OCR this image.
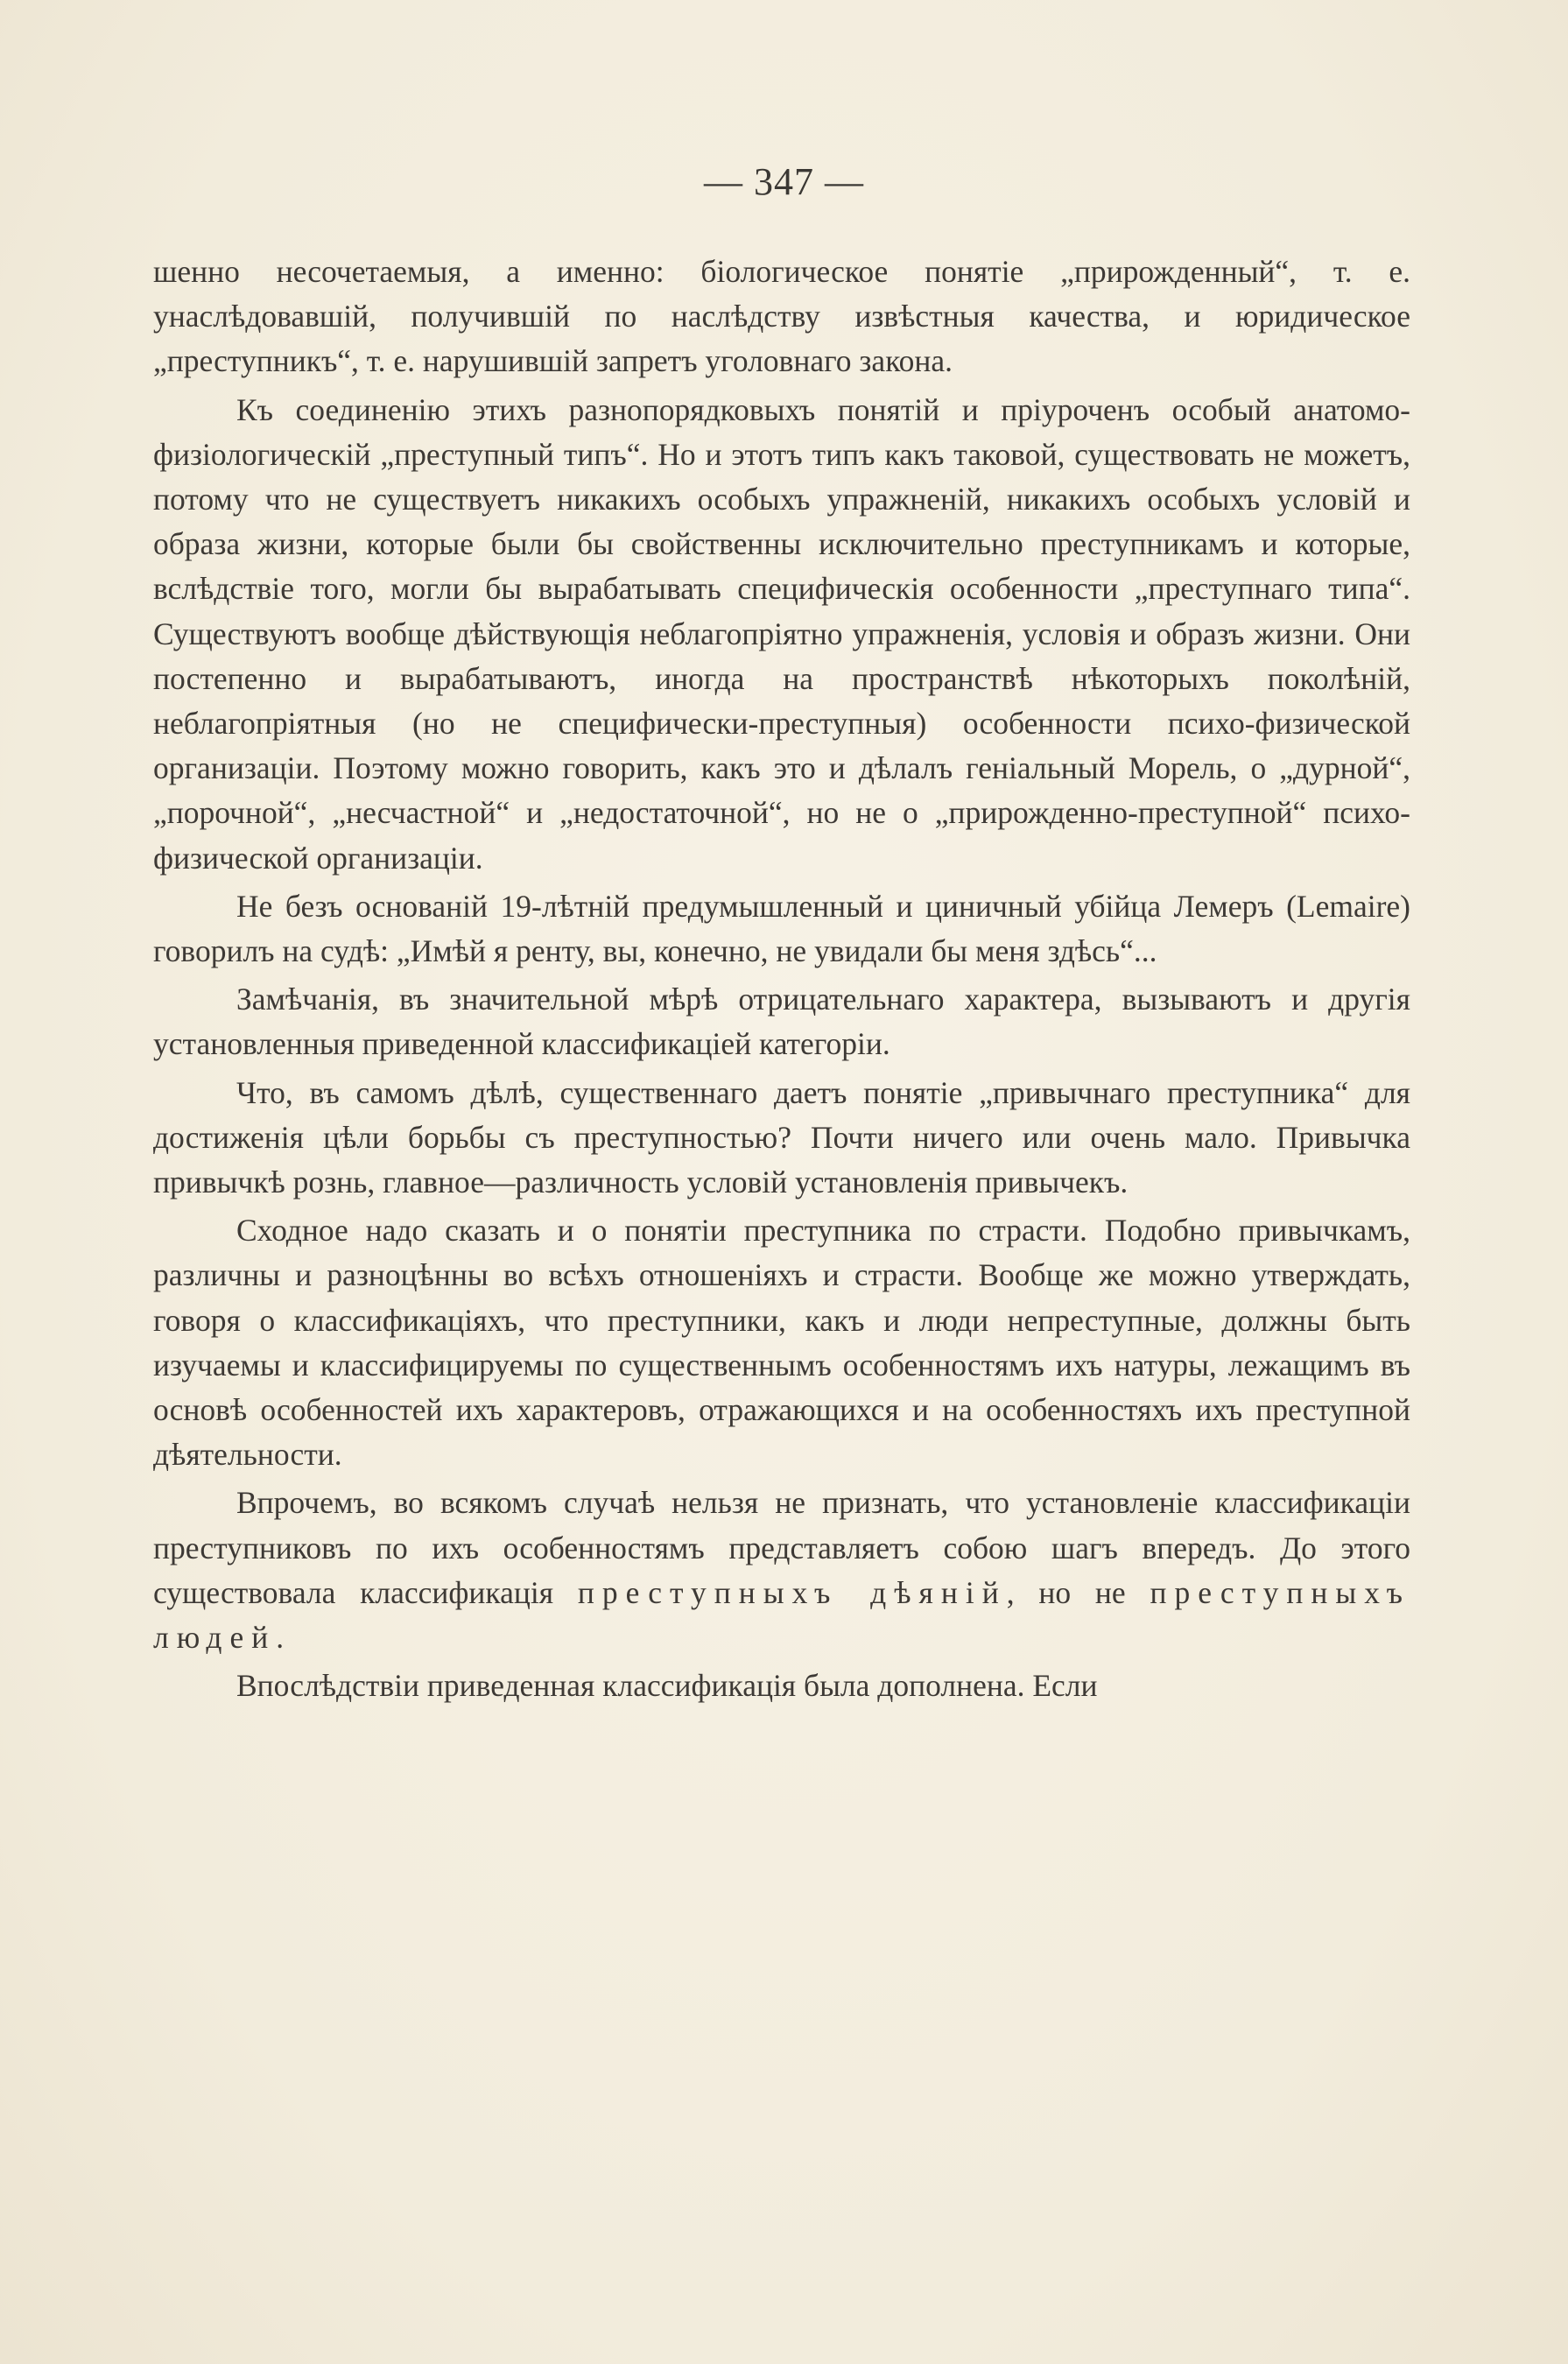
— 347 —

шенно несочетаемыя, а именно: біологическое понятіе „прирожденный“, т. е. унаслѣдовавшій, получившій по наслѣдству извѣстныя качества, и юридическое „преступникъ“, т. е. нарушившій запретъ уголовнаго закона.

Къ соединенію этихъ разнопорядковыхъ понятій и пріуроченъ особый анатомо-физіологическій „преступный типъ“. Но и этотъ типъ какъ таковой, существовать не можетъ, потому что не существуетъ никакихъ особыхъ упражненій, никакихъ особыхъ условій и образа жизни, которые были бы свойственны исключительно преступникамъ и которые, вслѣдствіе того, могли бы вырабатывать специфическія особенности „преступнаго типа“. Существуютъ вообще дѣйствующія неблагопріятно упражненія, условія и образъ жизни. Они постепенно и вырабатываютъ, иногда на пространствѣ нѣкоторыхъ поколѣній, неблагопріятныя (но не специфически-преступныя) особенности психо-физической организаціи. Поэтому можно говорить, какъ это и дѣлалъ геніальный Морель, о „дурной“, „порочной“, „несчастной“ и „недостаточной“, но не о „прирожденно-преступной“ психо-физической организаціи.

Не безъ основаній 19-лѣтній предумышленный и циничный убійца Лемеръ (Lemaire) говорилъ на судѣ: „Имѣй я ренту, вы, конечно, не увидали бы меня здѣсь“...

Замѣчанія, въ значительной мѣрѣ отрицательнаго характера, вызываютъ и другія установленныя приведенной классификаціей категоріи.

Что, въ самомъ дѣлѣ, существеннаго даетъ понятіе „привычнаго преступника“ для достиженія цѣли борьбы съ преступностью? Почти ничего или очень мало. Привычка привычкѣ рознь, главное—различность условій установленія привычекъ.

Сходное надо сказать и о понятіи преступника по страсти. Подобно привычкамъ, различны и разноцѣнны во всѣхъ отношеніяхъ и страсти. Вообще же можно утверждать, говоря о классификаціяхъ, что преступники, какъ и люди непреступные, должны быть изучаемы и классифицируемы по существеннымъ особенностямъ ихъ натуры, лежащимъ въ основѣ особенностей ихъ характеровъ, отражающихся и на особенностяхъ ихъ преступной дѣятельности.

Впрочемъ, во всякомъ случаѣ нельзя не признать, что установленіе классификаціи преступниковъ по ихъ особенностямъ представляетъ собою шагъ впередъ. До этого существовала классификація преступныхъ дѣяній, но не преступныхъ людей.

Впослѣдствіи приведенная классификація была дополнена. Если
